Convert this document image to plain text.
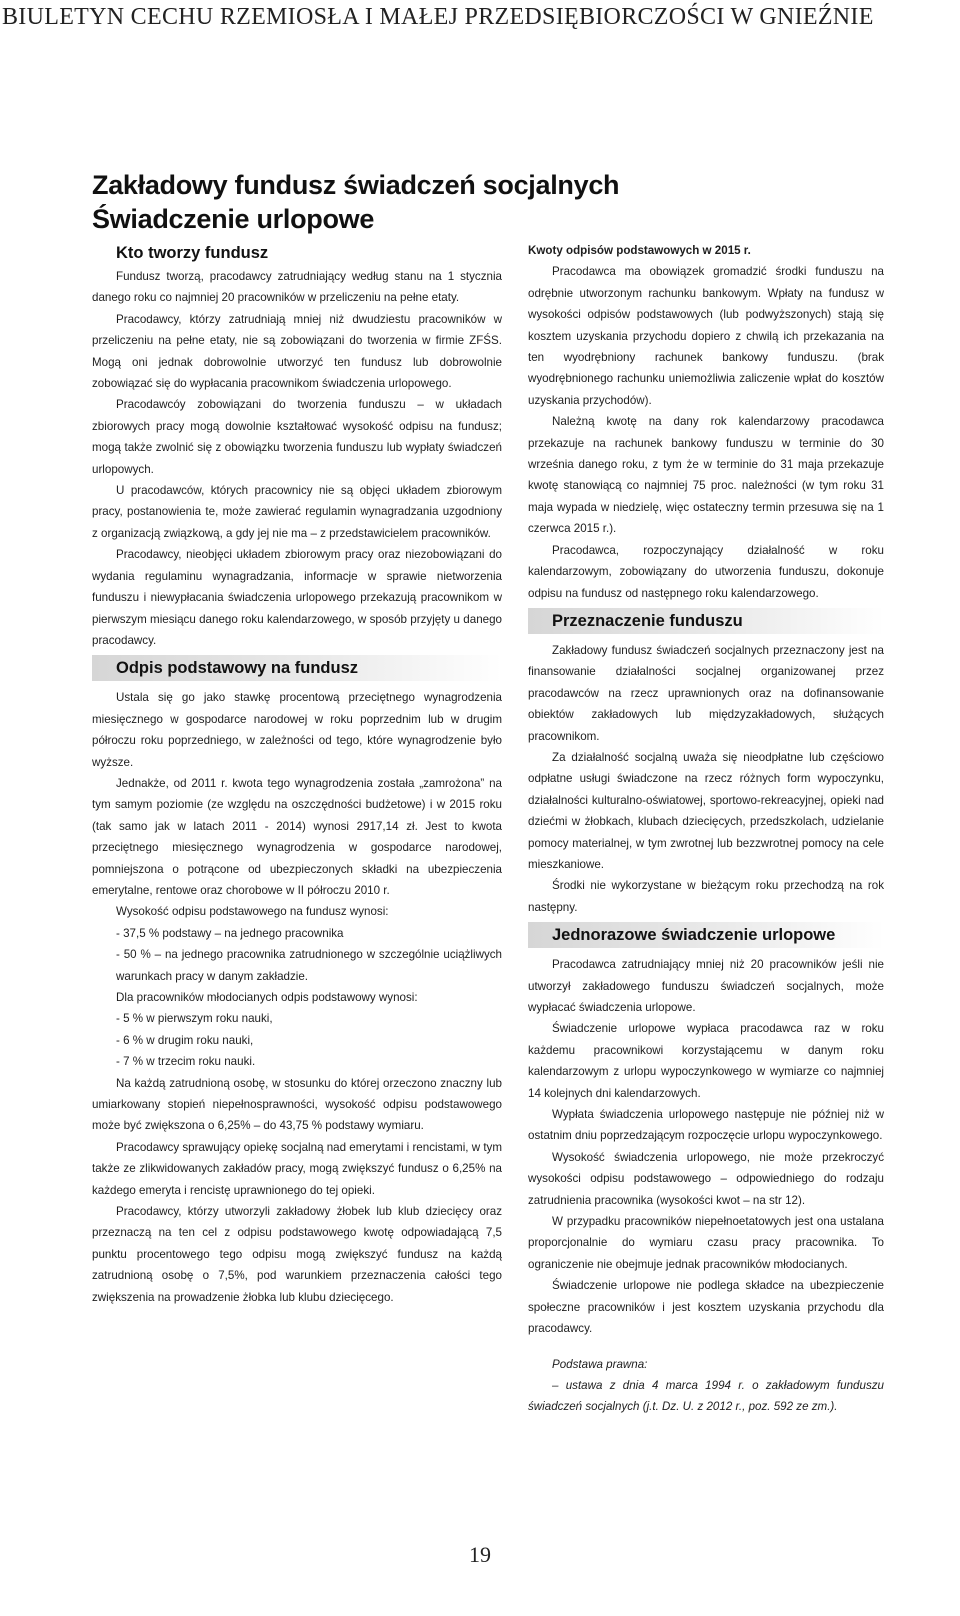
BIULETYN CECHU RZEMIOSŁA I MAŁEJ PRZEDSIĘBIORCZOŚCI W GNIEŹNIE
Zakładowy fundusz świadczeń socjalnych
Świadczenie urlopowe
Kto tworzy fundusz

Fundusz tworzą, pracodawcy zatrudniający według stanu na 1 stycznia danego roku co najmniej 20 pracowników w przeliczeniu na pełne etaty.

Pracodawcy, którzy zatrudniają mniej niż dwudziestu pracowników w przeliczeniu na pełne etaty, nie są zobowiązani do tworzenia w firmie ZFŚS. Mogą oni jednak dobrowolnie utworzyć ten fundusz lub dobrowolnie zobowiązać się do wypłacania pracownikom świadczenia urlopowego.

Pracodawcóy zobowiązani do tworzenia funduszu – w układach zbiorowych pracy mogą dowolnie kształtować wysokość odpisu na fundusz; mogą także zwolnić się z obowiązku tworzenia funduszu lub wypłaty świadczeń urlopowych.

U pracodawców, których pracownicy nie są objęci układem zbiorowym pracy, postanowienia te, może zawierać regulamin wynagradzania uzgodniony z organizacją związkową, a gdy jej nie ma – z przedstawicielem pracowników.

Pracodawcy, nieobjęci układem zbiorowym pracy oraz niezobowiązani do wydania regulaminu wynagradzania, informacje w sprawie nietworzenia funduszu i niewypłacania świadczenia urlopowego przekazują pracownikom w pierwszym miesiącu danego roku kalendarzowego, w sposób przyjęty u danego pracodawcy.

Odpis podstawowy na fundusz

Ustala się go jako stawkę procentową przeciętnego wynagrodzenia miesięcznego w gospodarce narodowej w roku poprzednim lub w drugim półroczu roku poprzedniego, w zależności od tego, które wynagrodzenie było wyższe.

Jednakże, od 2011 r. kwota tego wynagrodzenia została „zamrożona” na tym samym poziomie (ze względu na oszczędności budżetowe) i w 2015 roku (tak samo jak w latach 2011 - 2014) wynosi 2917,14 zł. Jest to kwota przeciętnego miesięcznego wynagrodzenia w gospodarce narodowej, pomniejszona o potrącone od ubezpieczonych składki na ubezpieczenia emerytalne, rentowe oraz chorobowe w II półroczu 2010 r.

Wysokość odpisu podstawowego na fundusz wynosi:

- 37,5 % podstawy – na jednego pracownika

- 50 % – na jednego pracownika zatrudnionego w szczególnie uciążliwych warunkach pracy w danym zakładzie.

Dla pracowników młodocianych odpis podstawowy wynosi:

- 5 % w pierwszym roku nauki,

- 6 % w drugim roku nauki,

- 7 % w trzecim roku nauki.

Na każdą zatrudnioną osobę, w stosunku do której orzeczono znaczny lub umiarkowany stopień niepełnosprawności, wysokość odpisu podstawowego może być zwiększona o 6,25% – do 43,75 % podstawy wymiaru.

Pracodawcy sprawujący opiekę socjalną nad emerytami i rencistami, w tym także ze zlikwidowanych zakładów pracy, mogą zwiększyć fundusz o 6,25% na każdego emeryta i rencistę uprawnionego do tej opieki.

Pracodawcy, którzy utworzyli zakładowy żłobek lub klub dziecięcy oraz przeznaczą na ten cel z odpisu podstawowego kwotę odpowiadającą 7,5 punktu procentowego tego odpisu mogą zwiększyć fundusz na każdą zatrudnioną osobę o 7,5%, pod warunkiem przeznaczenia całości tego zwiększenia na prowadzenie żłobka lub klubu dziecięcego.

Kwoty odpisów podstawowych w 2015 r.

Pracodawca ma obowiązek gromadzić środki funduszu na odrębnie utworzonym rachunku bankowym. Wpłaty na fundusz w wysokości odpisów podstawowych (lub podwyższonych) stają się kosztem uzyskania przychodu dopiero z chwilą ich przekazania na ten wyodrębniony rachunek bankowy funduszu. (brak wyodrębnionego rachunku uniemożliwia zaliczenie wpłat do kosztów uzyskania przychodów).

Należną kwotę na dany rok kalendarzowy pracodawca przekazuje na rachunek bankowy funduszu w terminie do 30 września danego roku, z tym że w terminie do 31 maja przekazuje kwotę stanowiącą co najmniej 75 proc. należności (w tym roku 31 maja wypada w niedzielę, więc ostateczny termin przesuwa się na 1 czerwca 2015 r.).

Pracodawca, rozpoczynający działalność w roku kalendarzowym, zobowiązany do utworzenia funduszu, dokonuje odpisu na fundusz od następnego roku kalendarzowego.

Przeznaczenie funduszu

Zakładowy fundusz świadczeń socjalnych przeznaczony jest na finansowanie działalności socjalnej organizowanej przez pracodawców na rzecz uprawnionych oraz na dofinansowanie obiektów zakładowych lub międzyzakładowych, służących pracownikom.

Za działalność socjalną uważa się nieodpłatne lub częściowo odpłatne usługi świadczone na rzecz różnych form wypoczynku, działalności kulturalno-oświatowej, sportowo-rekreacyjnej, opieki nad dziećmi w żłobkach, klubach dziecięcych, przedszkolach, udzielanie pomocy materialnej, w tym zwrotnej lub bezzwrotnej pomocy na cele mieszkaniowe.

Środki nie wykorzystane w bieżącym roku przechodzą na rok następny.

Jednorazowe świadczenie urlopowe

Pracodawca zatrudniający mniej niż 20 pracowników jeśli nie utworzył zakładowego funduszu świadczeń socjalnych, może wypłacać świadczenia urlopowe.

Świadczenie urlopowe wypłaca pracodawca raz w roku każdemu pracownikowi korzystającemu w danym roku kalendarzowym z urlopu wypoczynkowego w wymiarze co najmniej 14 kolejnych dni kalendarzowych.

Wypłata świadczenia urlopowego następuje nie później niż w ostatnim dniu poprzedzającym rozpoczęcie urlopu wypoczynkowego.

Wysokość świadczenia urlopowego, nie może przekroczyć wysokości odpisu podstawowego – odpowiedniego do rodzaju zatrudnienia pracownika (wysokości kwot – na str 12).

W przypadku pracowników niepełnoetatowych jest ona ustalana proporcjonalnie do wymiaru czasu pracy pracownika. To ograniczenie nie obejmuje jednak pracowników młodocianych.

Świadczenie urlopowe nie podlega składce na ubezpieczenie społeczne pracowników i jest kosztem uzyskania przychodu dla pracodawcy.

Podstawa prawna:

– ustawa z dnia 4 marca 1994 r. o zakładowym funduszu świadczeń socjalnych (j.t. Dz. U. z 2012 r., poz. 592 ze zm.).

19
